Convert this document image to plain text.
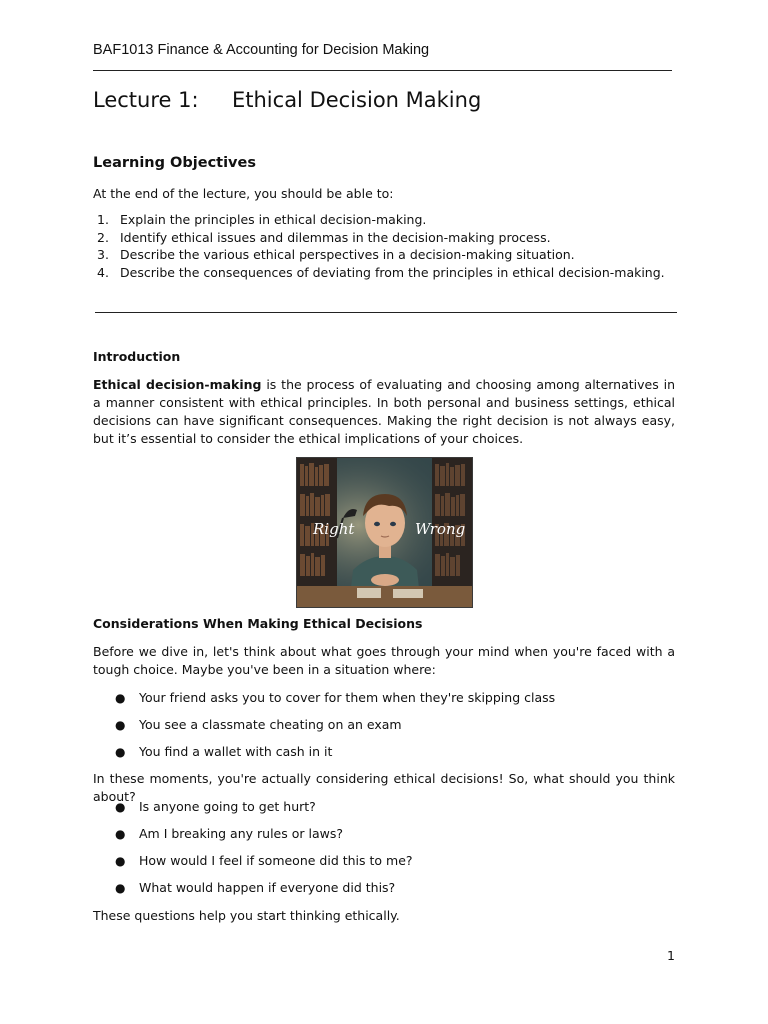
BAF1013 Finance & Accounting for Decision Making
Lecture 1: Ethical Decision Making
Learning Objectives
At the end of the lecture, you should be able to:
1. Explain the principles in ethical decision-making.
2. Identify ethical issues and dilemmas in the decision-making process.
3. Describe the various ethical perspectives in a decision-making situation.
4. Describe the consequences of deviating from the principles in ethical decision-making.
Introduction
Ethical decision-making is the process of evaluating and choosing among alternatives in a manner consistent with ethical principles. In both personal and business settings, ethical decisions can have significant consequences. Making the right decision is not always easy, but it’s essential to consider the ethical implications of your choices.
Right	Wrong
Considerations When Making Ethical Decisions
Before we dive in, let's think about what goes through your mind when you're faced with a tough choice. Maybe you've been in a situation where:
●	Your friend asks you to cover for them when they're skipping class
●	You see a classmate cheating on an exam
●	You find a wallet with cash in it
In these moments, you're actually considering ethical decisions! So, what should you think about?
●	Is anyone going to get hurt?
●	Am I breaking any rules or laws?
●	How would I feel if someone did this to me?
●	What would happen if everyone did this?
These questions help you start thinking ethically.
1
